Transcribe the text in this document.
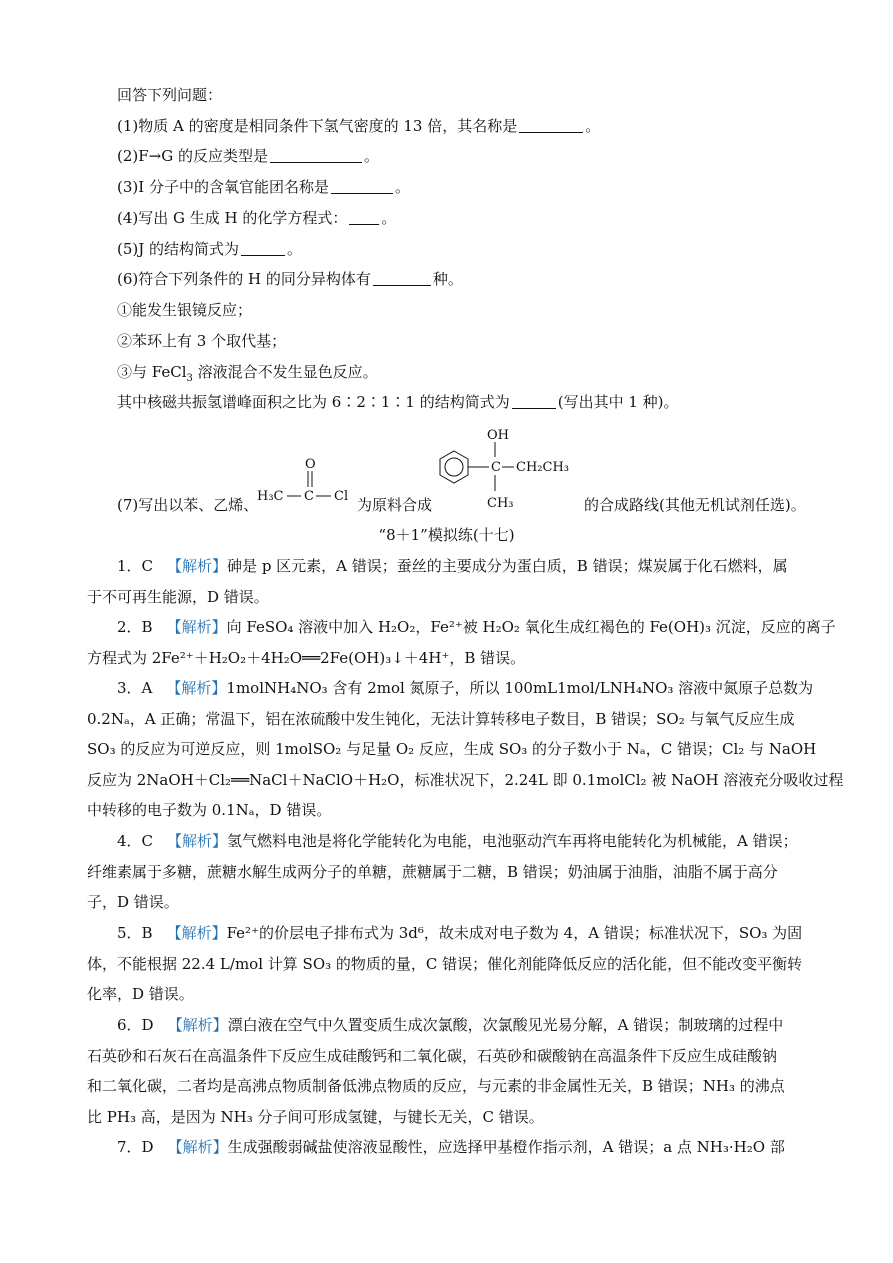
回答下列问题：
(1)物质 A 的密度是相同条件下氢气密度的 13 倍，其名称是	。
(2)F→G 的反应类型是	。
(3)I 分子中的含氧官能团名称是	。
(4)写出 G 生成 H 的化学方程式： 。
(5)J 的结构简式为	。
(6)符合下列条件的 H 的同分异构体有	种。
①能发生银镜反应；
②苯环上有 3 个取代基；
③与 FeCl$_3$ 溶液混合不发生显色反应。
其中核磁共振氢谱峰面积之比为 6∶2∶1∶1 的结构简式为	(写出其中 1 种)。
(7)写出以苯、乙烯、	为原料合成	的合成路线(其他无机试剂任选)。
H₃C C
O
Cl
C
OH
CH₂CH₃
CH₃
“8＋1”模拟练(十七)
1．C 【解析】砷是 p 区元素，A 错误；蚕丝的主要成分为蛋白质，B 错误；煤炭属于化石燃料，属
于不可再生能源，D 错误。
2．B 【解析】向 FeSO₄ 溶液中加入 H₂O₂，Fe²⁺被 H₂O₂ 氧化生成红褐色的 Fe(OH)₃ 沉淀，反应的离子
方程式为 2Fe²⁺＋H₂O₂＋4H₂O══2Fe(OH)₃↓＋4H⁺，B 错误。
3．A 【解析】1molNH₄NO₃ 含有 2mol 氮原子，所以 100mL1mol/LNH₄NO₃ 溶液中氮原子总数为
0.2Nₐ，A 正确；常温下，铝在浓硫酸中发生钝化，无法计算转移电子数目，B 错误；SO₂ 与氧气反应生成
SO₃ 的反应为可逆反应，则 1molSO₂ 与足量 O₂ 反应，生成 SO₃ 的分子数小于 Nₐ，C 错误；Cl₂ 与 NaOH
反应为 2NaOH＋Cl₂══NaCl＋NaClO＋H₂O，标准状况下，2.24L 即 0.1molCl₂ 被 NaOH 溶液充分吸收过程
中转移的电子数为 0.1Nₐ，D 错误。
4．C 【解析】氢气燃料电池是将化学能转化为电能，电池驱动汽车再将电能转化为机械能，A 错误；
纤维素属于多糖，蔗糖水解生成两分子的单糖，蔗糖属于二糖，B 错误；奶油属于油脂，油脂不属于高分
子，D 错误。
5．B 【解析】Fe²⁺的价层电子排布式为 3d⁶，故未成对电子数为 4，A 错误；标准状况下，SO₃ 为固
体，不能根据 22.4 L/mol 计算 SO₃ 的物质的量，C 错误；催化剂能降低反应的活化能，但不能改变平衡转
化率，D 错误。
6．D 【解析】漂白液在空气中久置变质生成次氯酸，次氯酸见光易分解，A 错误；制玻璃的过程中
石英砂和石灰石在高温条件下反应生成硅酸钙和二氧化碳，石英砂和碳酸钠在高温条件下反应生成硅酸钠
和二氧化碳，二者均是高沸点物质制备低沸点物质的反应，与元素的非金属性无关，B 错误；NH₃ 的沸点
比 PH₃ 高，是因为 NH₃ 分子间可形成氢键，与键长无关，C 错误。
7．D 【解析】生成强酸弱碱盐使溶液显酸性，应选择甲基橙作指示剂，A 错误；a 点 NH₃·H₂O 部
